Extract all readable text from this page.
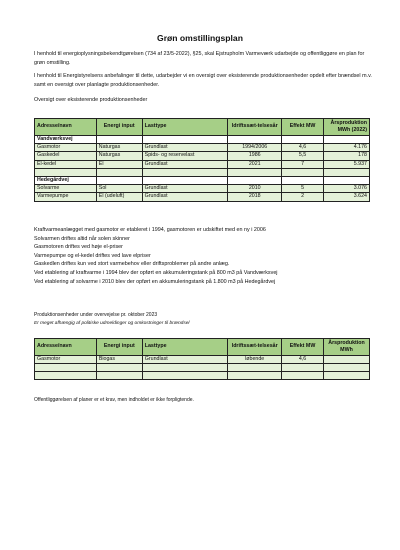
Grøn omstillingsplan
I henhold til energioplysningsbekendtgørelsen (734 af 23/5-2022), §25, skal Ejstrupholm Varmeværk udarbejde og offentliggøre en plan for grøn omstilling.
I henhold til Energistyrelsens anbefalinger til dette, udarbejder vi en oversigt over eksisterende produktionsenheder opdelt efter brændsel m.v. samt en oversigt over planlagte produktionsenheder.
Oversigt over eksisterende produktionsenheder
Adresse/navn	Energi input	Lasttype	Idriftssæt-telsesår	Effekt MW	Årsproduktion MWh (2022)
Vandværksvej					
Gasmotor	Naturgas	Grundlast	1994/2006	4,6	4.176
Gaskedel	Naturgas	Spids- og reservelast	1986	5,5	178
El-kedel	El	Grundlast	2021	7	5.937

Hedegårdvej					
Solvarme	Sol	Grundlast	2010	5	3.076
Varmepumpe	El (udeluft)	Grundlast	2018	2	3.624
Kraftvarmeanlægget med gasmotor er etableret i 1994, gasmotoren er udskiftet med en ny i 2006
Solvarmen driftes altid når solen skinner
Gasmotoren driftes ved høje el-priser
Varmepumpe og el-kedel driftes ved lave elpriser
Gaskedlen driftes kun ved stort varmebehov eller driftsproblemer på andre anlæg.
Ved etablering af kraftvarme i 1994 blev der opført en akkumuleringstank på 800 m3 på Vandværksvej
Ved etablering af solvarme i 2010 blev der opført en akkumuleringstank på 1.800 m3 på Hedegårdvej
Produktionsenheder under overvejelse pr. oktober 2023
Er meget afhængig af politiske udmeldinger og omkostninger til brændsel
Adresse/navn	Energi input	Lasttype	Idriftssæt-telsesår	Effekt MW	Årsproduktion MWh
Gasmotor	Biogas	Grundlast	løbende	4,6	

Offentliggørelsen af planer er et krav, men indholdet er ikke forpligtende.
